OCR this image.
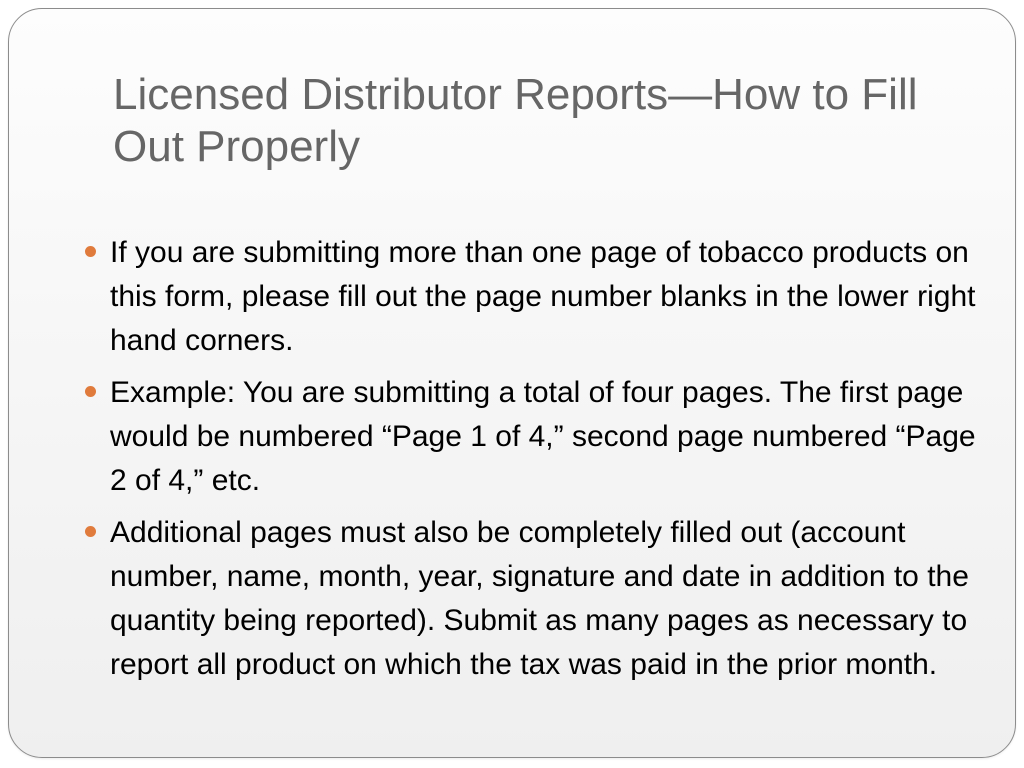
Licensed Distributor Reports—How to Fill Out Properly
If you are submitting more than one page of tobacco products on this form, please fill out the page number blanks in the lower right hand corners.
Example: You are submitting a total of four pages. The first page would be numbered “Page 1 of 4,” second page numbered “Page 2 of 4,” etc.
Additional pages must also be completely filled out (account number, name, month, year, signature and date in addition to the quantity being reported). Submit as many pages as necessary to report all product on which the tax was paid in the prior month.
